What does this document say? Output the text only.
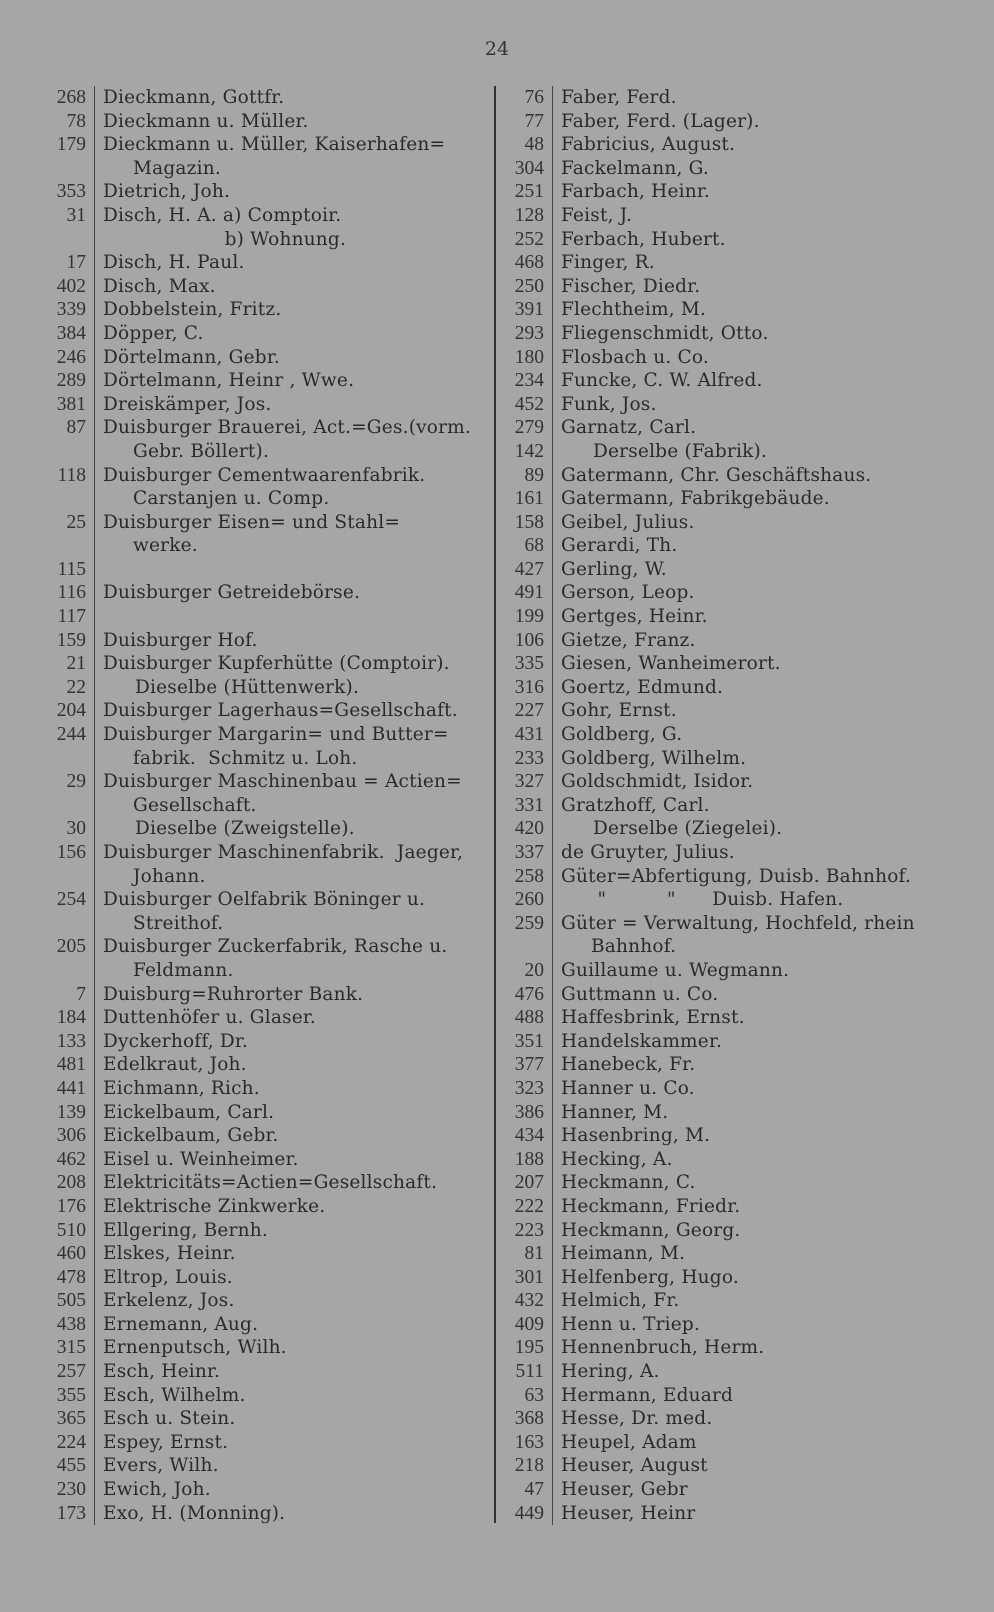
24
268 Dieckmann, Gottfr.
78 Dieckmann u. Müller.
179 Dieckmann u. Müller, Kaiserhafen=
Magazin.
353 Dietrich, Joh.
31 Disch, H. A. a) Comptoir.
b) Wohnung.
17 Disch, H. Paul.
402 Disch, Max.
339 Dobbelstein, Fritz.
384 Döpper, C.
246 Dörtelmann, Gebr.
289 Dörtelmann, Heinr , Wwe.
381 Dreiskämper, Jos.
87 Duisburger Brauerei, Act.=Ges.(vorm.
Gebr. Böllert).
118 Duisburger Cementwaarenfabrik.
Carstanjen u. Comp.
25 Duisburger Eisen= und Stahl=
werke.
115
116 Duisburger Getreidebörse.
117
159 Duisburger Hof.
21 Duisburger Kupferhütte (Comptoir).
22	Dieselbe (Hüttenwerk).
204 Duisburger Lagerhaus=Gesellschaft.
244 Duisburger Margarin= und Butter=
fabrik.  Schmitz u. Loh.
29 Duisburger Maschinenbau = Actien=
Gesellschaft.
30	Dieselbe (Zweigstelle).
156 Duisburger Maschinenfabrik.  Jaeger,
Johann.
254 Duisburger Oelfabrik Böninger u.
Streithof.
205 Duisburger Zuckerfabrik, Rasche u.
Feldmann.
7 Duisburg=Ruhrorter Bank.
184 Duttenhöfer u. Glaser.
133 Dyckerhoff, Dr.
481 Edelkraut, Joh.
441 Eichmann, Rich.
139 Eickelbaum, Carl.
306 Eickelbaum, Gebr.
462 Eisel u. Weinheimer.
208 Elektricitäts=Actien=Gesellschaft.
176 Elektrische Zinkwerke.
510 Ellgering, Bernh.
460 Elskes, Heinr.
478 Eltrop, Louis.
505 Erkelenz, Jos.
438 Ernemann, Aug.
315 Ernenputsch, Wilh.
257 Esch, Heinr.
355 Esch, Wilhelm.
365 Esch u. Stein.
224 Espey, Ernst.
455 Evers, Wilh.
230 Ewich, Joh.
173 Exo, H. (Monning).
76 Faber, Ferd.
77 Faber, Ferd. (Lager).
48 Fabricius, August.
304 Fackelmann, G.
251 Farbach, Heinr.
128 Feist, J.
252 Ferbach, Hubert.
468 Finger, R.
250 Fischer, Diedr.
391 Flechtheim, M.
293 Fliegenschmidt, Otto.
180 Flosbach u. Co.
234 Funcke, C. W. Alfred.
452 Funk, Jos.
279 Garnatz, Carl.
142	Derselbe (Fabrik).
89 Gatermann, Chr. Geschäftshaus.
161 Gatermann, Fabrikgebäude.
158 Geibel, Julius.
68 Gerardi, Th.
427 Gerling, W.
491 Gerson, Leop.
199 Gertges, Heinr.
106 Gietze, Franz.
335 Giesen, Wanheimerort.
316 Goertz, Edmund.
227 Gohr, Ernst.
431 Goldberg, G.
233 Goldberg, Wilhelm.
327 Goldschmidt, Isidor.
331 Gratzhoff, Carl.
420	Derselbe (Ziegelei).
337 de Gruyter, Julius.
258 Güter=Abfertigung, Duisb. Bahnhof.
260 "          "      Duisb. Hafen.
259 Güter = Verwaltung, Hochfeld, rhein
Bahnhof.
20 Guillaume u. Wegmann.
476 Guttmann u. Co.
488 Haffesbrink, Ernst.
351 Handelskammer.
377 Hanebeck, Fr.
323 Hanner u. Co.
386 Hanner, M.
434 Hasenbring, M.
188 Hecking, A.
207 Heckmann, C.
222 Heckmann, Friedr.
223 Heckmann, Georg.
81 Heimann, M.
301 Helfenberg, Hugo.
432 Helmich, Fr.
409 Henn u. Triep.
195 Hennenbruch, Herm.
511 Hering, A.
63 Hermann, Eduard
368 Hesse, Dr. med.
163 Heupel, Adam
218 Heuser, August
47 Heuser, Gebr
449 Heuser, Heinr
